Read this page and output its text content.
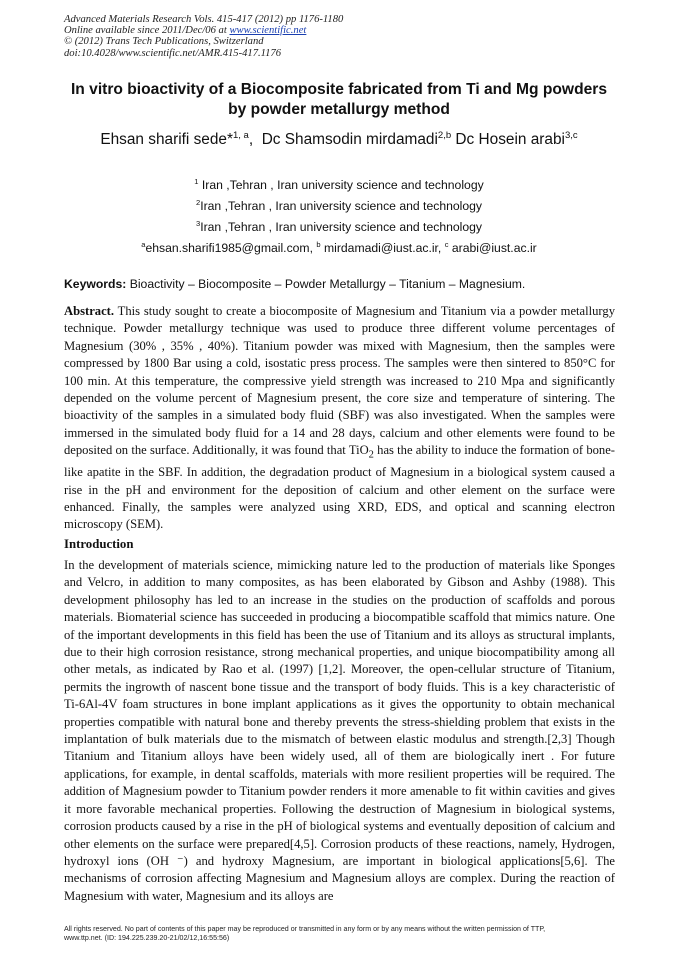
Advanced Materials Research Vols. 415-417 (2012) pp 1176-1180
Online available since 2011/Dec/06 at www.scientific.net
© (2012) Trans Tech Publications, Switzerland
doi:10.4028/www.scientific.net/AMR.415-417.1176
In vitro bioactivity of a Biocomposite fabricated from Ti and Mg powders
by powder metallurgy method
Ehsan sharifi sede*$^{1, a}$,  Dc Shamsodin mirdamadi$^{2,b}$ Dc Hosein arabi$^{3,c}$
$^1$ Iran ,Tehran , Iran university science and technology
$^2$Iran ,Tehran , Iran university science and technology
$^3$Iran ,Tehran , Iran university science and technology
$^a$ehsan.sharifi1985@gmail.com, $^b$ mirdamadi@iust.ac.ir, $^c$ arabi@iust.ac.ir
Keywords: Bioactivity – Biocomposite – Powder Metallurgy – Titanium – Magnesium.
Abstract. This study sought to create a biocomposite of Magnesium and Titanium via a powder metallurgy technique. Powder metallurgy technique was used to produce three different volume percentages of Magnesium (30% , 35% , 40%). Titanium powder was mixed with Magnesium, then the samples were compressed by 1800 Bar using a cold, isostatic press process. The samples were then sintered to 850°C for 100 min. At this temperature, the compressive yield strength was increased to 210 Mpa and significantly depended on the volume percent of Magnesium present, the core size and temperature of sintering. The bioactivity of the samples in a simulated body fluid (SBF) was also investigated. When the samples were immersed in the simulated body fluid for a 14 and 28 days, calcium and other elements were found to be deposited on the surface. Additionally, it was found that TiO$_2$ has the ability to induce the formation of bone-like apatite in the SBF. In addition, the degradation product of Magnesium in a biological system caused a rise in the pH and environment for the deposition of calcium and other element on the surface were enhanced. Finally, the samples were analyzed using XRD, EDS, and optical and scanning electron microscopy (SEM).
Introduction
In the development of materials science, mimicking nature led to the production of materials like Sponges and Velcro, in addition to many composites, as has been elaborated by Gibson and Ashby (1988). This development philosophy has led to an increase in the studies on the production of scaffolds and porous materials. Biomaterial science has succeeded in producing a biocompatible scaffold that mimics nature. One of the important developments in this field has been the use of Titanium and its alloys as structural implants, due to their high corrosion resistance, strong mechanical properties, and unique biocompatibility among all other metals, as indicated by Rao et al. (1997) [1,2]. Moreover, the open-cellular structure of Titanium, permits the ingrowth of nascent bone tissue and the transport of body fluids. This is a key characteristic of Ti-6Al-4V foam structures in bone implant applications as it gives the opportunity to obtain mechanical properties compatible with natural bone and thereby prevents the stress-shielding problem that exists in the implantation of bulk materials due to the mismatch of between elastic modulus and strength.[2,3] Though Titanium and Titanium alloys have been widely used, all of them are biologically inert . For future applications, for example, in dental scaffolds, materials with more resilient properties will be required. The addition of Magnesium powder to Titanium powder renders it more amenable to fit within cavities and gives it more favorable mechanical properties. Following the destruction of Magnesium in biological systems, corrosion products caused by a rise in the pH of biological systems and eventually deposition of calcium and other elements on the surface were prepared[4,5]. Corrosion products of these reactions, namely, Hydrogen, hydroxyl ions (OH ⁻) and hydroxy Magnesium, are important in biological applications[5,6]. The mechanisms of corrosion affecting Magnesium and Magnesium alloys are complex. During the reaction of Magnesium with water, Magnesium and its alloys are
All rights reserved. No part of contents of this paper may be reproduced or transmitted in any form or by any means without the written permission of TTP,
www.ttp.net. (ID: 194.225.239.20-21/02/12,16:55:56)
